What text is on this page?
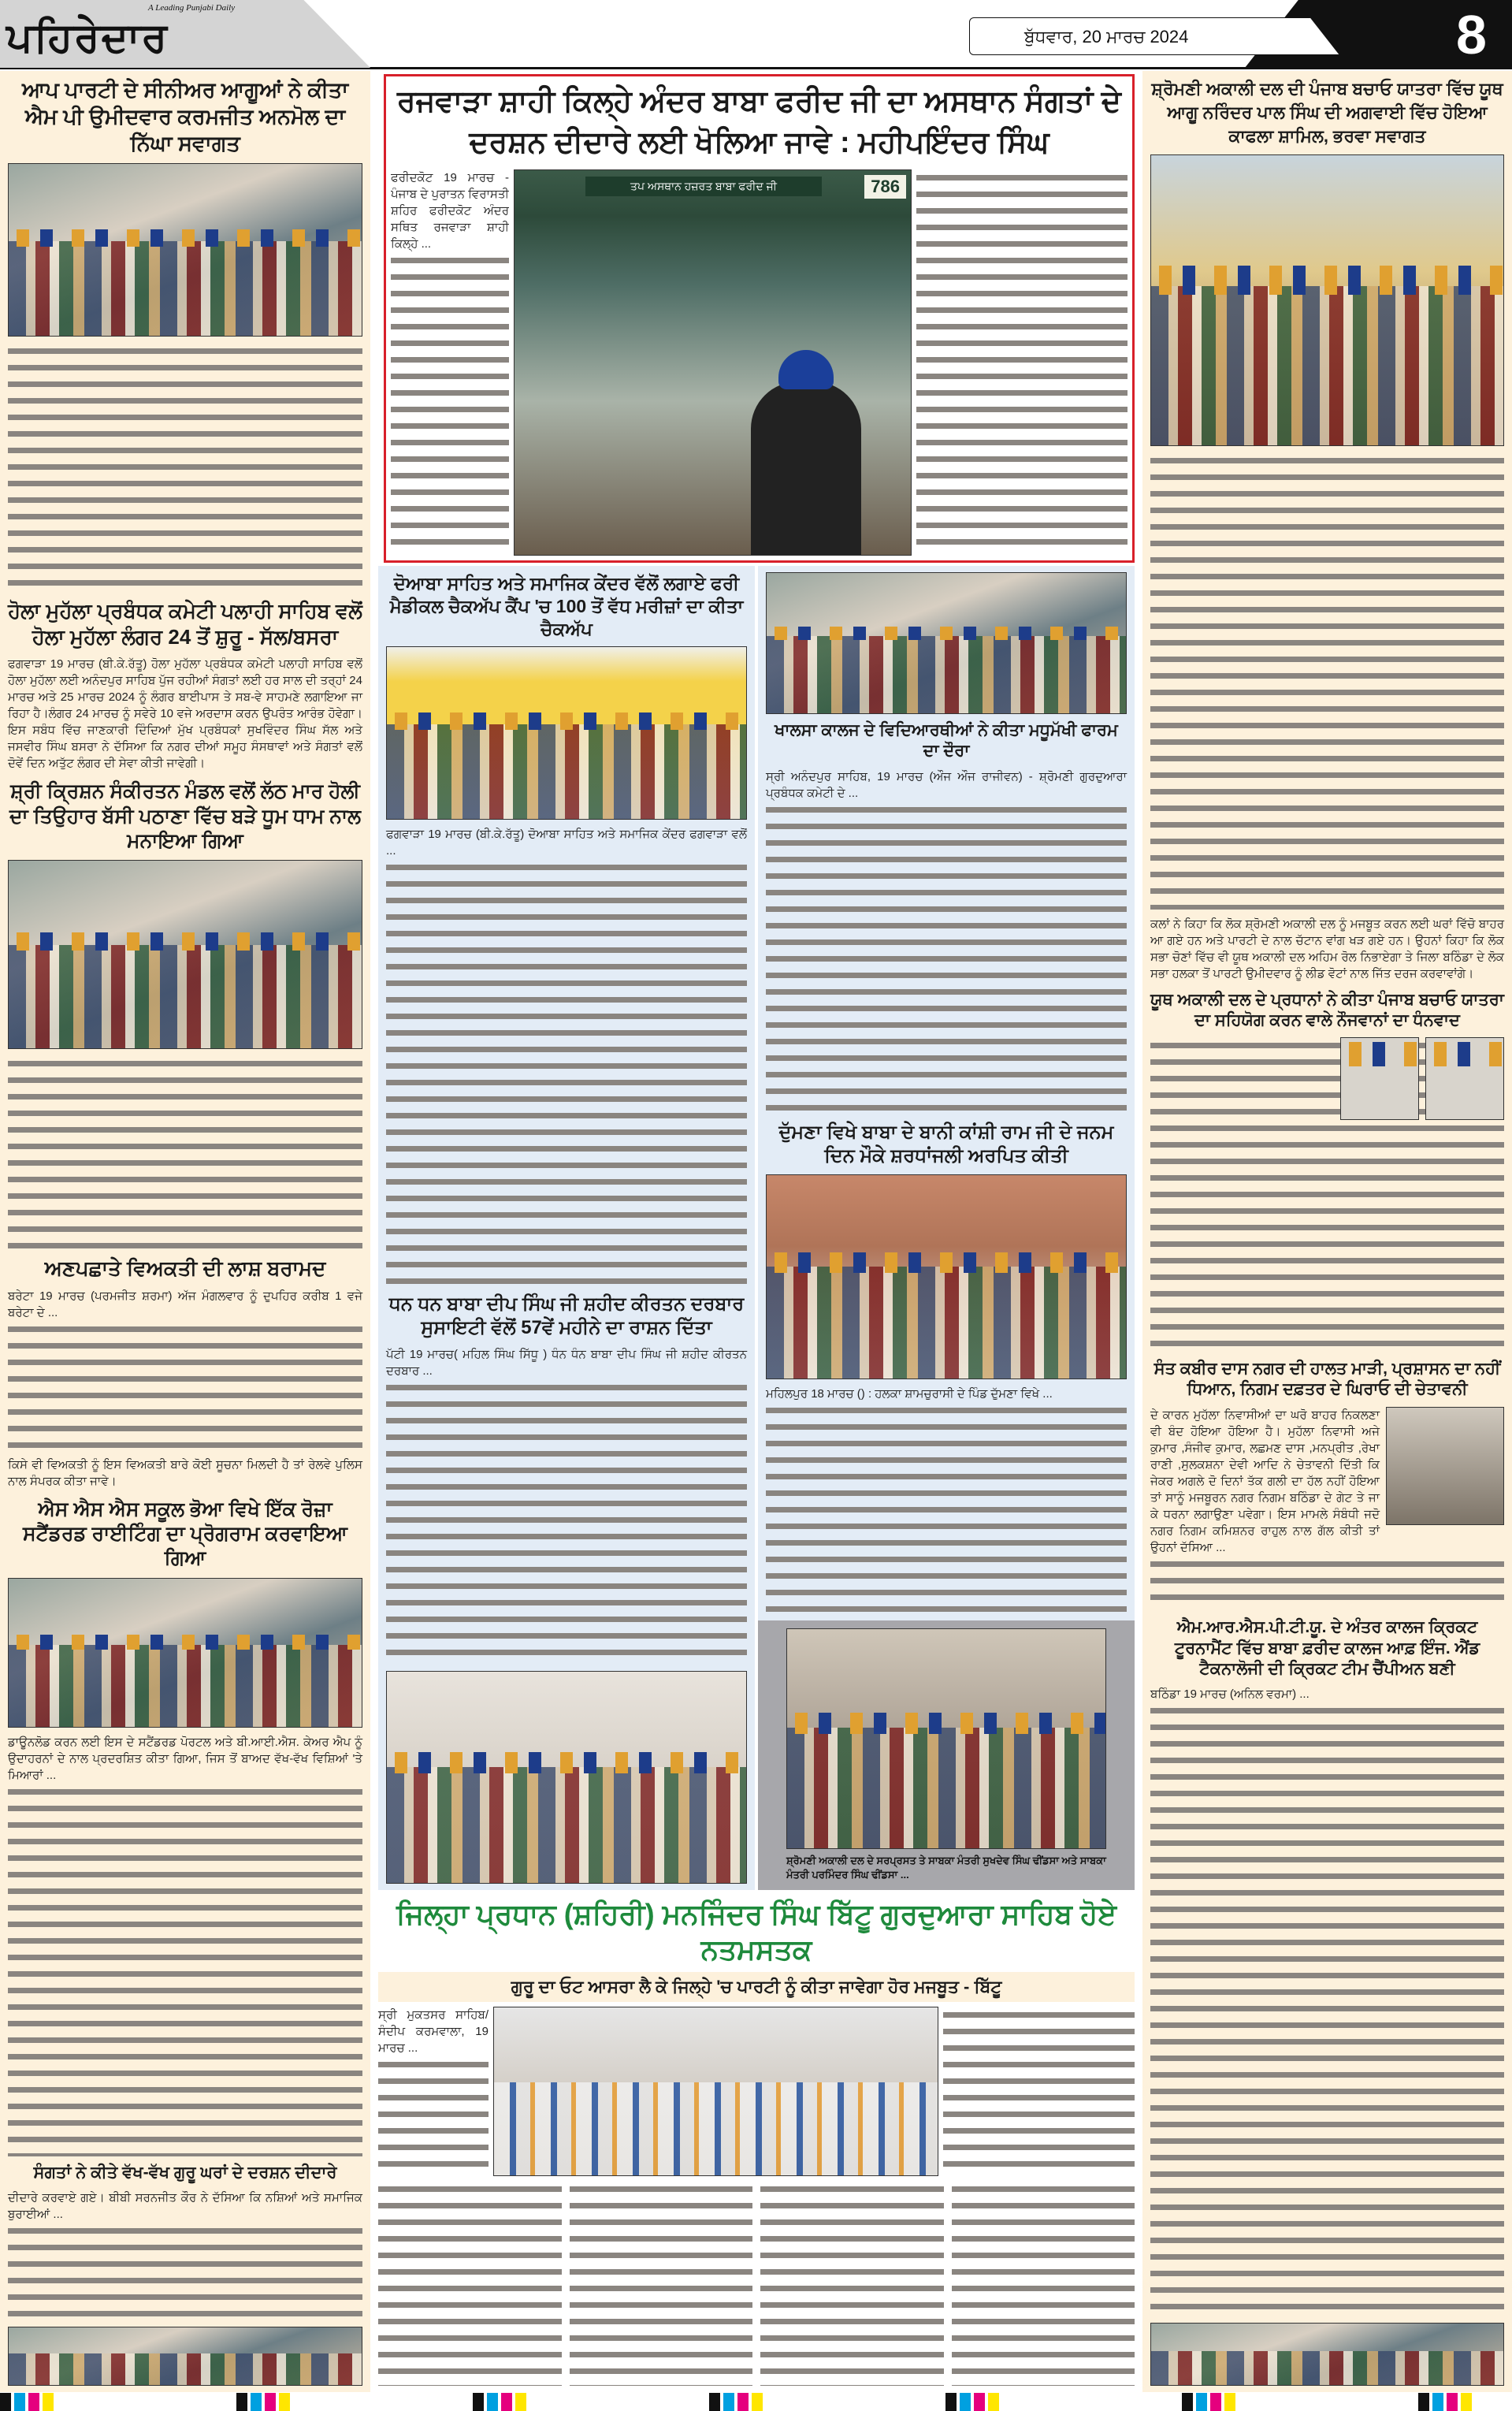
A Leading Punjabi Daily
ਪਹਿਰੇਦਾਰ	ਬੁੱਧਵਾਰ, 20 ਮਾਰਚ 2024	8
ਆਪ ਪਾਰਟੀ ਦੇ ਸੀਨੀਅਰ ਆਗੂਆਂ ਨੇ ਕੀਤਾ ਐਮ ਪੀ ਉਮੀਦਵਾਰ ਕਰਮਜੀਤ ਅਨਮੋਲ ਦਾ ਨਿੱਘਾ ਸਵਾਗਤ
ਹੋਲਾ ਮੁਹੱਲਾ ਪ੍ਰਬੰਧਕ ਕਮੇਟੀ ਪਲਾਹੀ ਸਾਹਿਬ ਵਲੋਂ ਹੋਲਾ ਮੁਹੱਲਾ ਲੰਗਰ 24 ਤੋਂ ਸ਼ੁਰੂ - ਸੱਲ/ਬਸਰਾ

ਫਗਵਾੜਾ 19 ਮਾਰਚ (ਬੀ.ਕੇ.ਰੱਤੂ) ਹੋਲਾ ਮੁਹੱਲਾ ਪ੍ਰਬੰਧਕ ਕਮੇਟੀ ਪਲਾਹੀ ਸਾਹਿਬ ਵਲੋਂ ਹੋਲਾ ਮੁਹੱਲਾ ਲਈ ਅਨੰਦਪੁਰ ਸਾਹਿਬ ਪੁੱਜ ਰਹੀਆਂ ਸੰਗਤਾਂ ਲਈ ਹਰ ਸਾਲ ਦੀ ਤਰ੍ਹਾਂ 24 ਮਾਰਚ ਅਤੇ 25 ਮਾਰਚ 2024 ਨੂੰ ਲੰਗਰ ਬਾਈਪਾਸ ਤੇ ਸਬ-ਵੇ ਸਾਹਮਣੇ ਲਗਾਇਆ ਜਾ ਰਿਹਾ ਹੈ।ਲੰਗਰ 24 ਮਾਰਚ ਨੂੰ ਸਵੇਰੇ 10 ਵਜੇ ਅਰਦਾਸ ਕਰਨ ਉਪਰੰਤ ਆਰੰਭ ਹੋਵੇਗਾ। ਇਸ ਸਬੰਧ ਵਿੱਚ ਜਾਣਕਾਰੀ ਦਿੰਦਿਆਂ ਮੁੱਖ ਪ੍ਰਬੰਧਕਾਂ ਸੁਖਵਿੰਦਰ ਸਿੰਘ ਸੱਲ ਅਤੇ ਜਸਵੀਰ ਸਿੰਘ ਬਸਰਾ ਨੇ ਦੱਸਿਆ ਕਿ ਨਗਰ ਦੀਆਂ ਸਮੂਹ ਸੰਸਥਾਵਾਂ ਅਤੇ ਸੰਗਤਾਂ ਵਲੋਂ ਦੋਵੇਂ ਦਿਨ ਅਤੁੱਟ ਲੰਗਰ ਦੀ ਸੇਵਾ ਕੀਤੀ ਜਾਵੇਗੀ।

ਸ਼੍ਰੀ ਕ੍ਰਿਸ਼ਨ ਸੰਕੀਰਤਨ ਮੰਡਲ ਵਲੋਂ ਲੱਠ ਮਾਰ ਹੋਲੀ ਦਾ ਤਿਉਹਾਰ ਬੱਸੀ ਪਠਾਣਾ ਵਿੱਚ ਬੜੇ ਧੂਮ ਧਾਮ ਨਾਲ ਮਨਾਇਆ ਗਿਆ
ਅਣਪਛਾਤੇ ਵਿਅਕਤੀ ਦੀ ਲਾਸ਼ ਬਰਾਮਦ

ਬਰੇਟਾ 19 ਮਾਰਚ (ਪਰਮਜੀਤ ਸ਼ਰਮਾ) ਅੱਜ ਮੰਗਲਵਾਰ ਨੂੰ ਦੁਪਹਿਰ ਕਰੀਬ 1 ਵਜੇ ਬਰੇਟਾ ਦੇ ...

ਕਿਸੇ ਵੀ ਵਿਅਕਤੀ ਨੂੰ ਇਸ ਵਿਅਕਤੀ ਬਾਰੇ ਕੋਈ ਸੂਚਨਾ ਮਿਲਦੀ ਹੈ ਤਾਂ ਰੇਲਵੇ ਪੁਲਿਸ ਨਾਲ ਸੰਪਰਕ ਕੀਤਾ ਜਾਵੇ।

ਐਸ ਐਸ ਐਸ ਸਕੂਲ ਭੋਆ ਵਿਖੇ ਇੱਕ ਰੋਜ਼ਾ ਸਟੈਂਡਰਡ ਰਾਈਟਿੰਗ ਦਾ ਪ੍ਰੋਗਰਾਮ ਕਰਵਾਇਆ ਗਿਆ

ਡਾਊਨਲੋਡ ਕਰਨ ਲਈ ਇਸ ਦੇ ਸਟੈਂਡਰਡ ਪੋਰਟਲ ਅਤੇ ਬੀ.ਆਈ.ਐਸ. ਕੇਅਰ ਐਪ ਨੂੰ ਉਦਾਹਰਨਾਂ ਦੇ ਨਾਲ ਪ੍ਰਦਰਸ਼ਿਤ ਕੀਤਾ ਗਿਆ, ਜਿਸ ਤੋਂ ਬਾਅਦ ਵੱਖ-ਵੱਖ ਵਿਸ਼ਿਆਂ 'ਤੇ ਮਿਆਰਾਂ ...

ਸੰਗਤਾਂ ਨੇ ਕੀਤੇ ਵੱਖ-ਵੱਖ ਗੁਰੂ ਘਰਾਂ ਦੇ ਦਰਸ਼ਨ ਦੀਦਾਰੇ

ਦੀਦਾਰੇ ਕਰਵਾਏ ਗਏ। ਬੀਬੀ ਸਰਨਜੀਤ ਕੌਰ ਨੇ ਦੱਸਿਆ ਕਿ ਨਸ਼ਿਆਂ ਅਤੇ ਸਮਾਜਿਕ ਬੁਰਾਈਆਂ ...

ਰਜਵਾੜਾ ਸ਼ਾਹੀ ਕਿਲ੍ਹੇ ਅੰਦਰ ਬਾਬਾ ਫਰੀਦ ਜੀ ਦਾ ਅਸਥਾਨ ਸੰਗਤਾਂ ਦੇ ਦਰਸ਼ਨ ਦੀਦਾਰੇ ਲਈ ਖੋਲਿਆ ਜਾਵੇ : ਮਹੀਪਇੰਦਰ ਸਿੰਘ

ਫਰੀਦਕੋਟ 19 ਮਾਰਚ - ਪੰਜਾਬ ਦੇ ਪੁਰਾਤਨ ਵਿਰਾਸਤੀ ਸ਼ਹਿਰ ਫਰੀਦਕੋਟ ਅੰਦਰ ਸਥਿਤ ਰਜਵਾੜਾ ਸ਼ਾਹੀ ਕਿਲ੍ਹੇ ...

ਤਪ ਅਸਥਾਨ ਹਜ਼ਰਤ ਬਾਬਾ ਫਰੀਦ ਜੀ	786
ਦੋਆਬਾ ਸਾਹਿਤ ਅਤੇ ਸਮਾਜਿਕ ਕੇਂਦਰ ਵੱਲੋਂ ਲਗਾਏ ਫਰੀ ਮੈਡੀਕਲ ਚੈਕਅੱਪ ਕੈਂਪ 'ਚ 100 ਤੋਂ ਵੱਧ ਮਰੀਜ਼ਾਂ ਦਾ ਕੀਤਾ ਚੈਕਅੱਪ

ਫਗਵਾੜਾ 19 ਮਾਰਚ (ਬੀ.ਕੇ.ਰੱਤੂ) ਦੋਆਬਾ ਸਾਹਿਤ ਅਤੇ ਸਮਾਜਿਕ ਕੇਂਦਰ ਫਗਵਾੜਾ ਵਲੋਂ ...

ਧਨ ਧਨ ਬਾਬਾ ਦੀਪ ਸਿੰਘ ਜੀ ਸ਼ਹੀਦ ਕੀਰਤਨ ਦਰਬਾਰ ਸੁਸਾਇਟੀ ਵੱਲੋਂ 57ਵੇਂ ਮਹੀਨੇ ਦਾ ਰਾਸ਼ਨ ਦਿੱਤਾ

ਪੱਟੀ 19 ਮਾਰਚ( ਮਹਿਲ ਸਿੰਘ ਸਿੱਧੂ ) ਧੰਨ ਧੰਨ ਬਾਬਾ ਦੀਪ ਸਿੰਘ ਜੀ ਸ਼ਹੀਦ ਕੀਰਤਨ ਦਰਬਾਰ ...

ਖਾਲਸਾ ਕਾਲਜ ਦੇ ਵਿਦਿਆਰਥੀਆਂ ਨੇ ਕੀਤਾ ਮਧੂਮੱਖੀ ਫਾਰਮ ਦਾ ਦੌਰਾ

ਸ੍ਰੀ ਅਨੰਦਪੁਰ ਸਾਹਿਬ, 19 ਮਾਰਚ (ਔਜ ਔਜ ਰਾਜੀਵਨ) - ਸ਼੍ਰੋਮਣੀ ਗੁਰਦੁਆਰਾ ਪ੍ਰਬੰਧਕ ਕਮੇਟੀ ਦੇ ...

ਦੁੱਮਣਾ ਵਿਖੇ ਬਾਬਾ ਦੇ ਬਾਨੀ ਕਾਂਸ਼ੀ ਰਾਮ ਜੀ ਦੇ ਜਨਮ ਦਿਨ ਮੌਕੇ ਸ਼ਰਧਾਂਜਲੀ ਅਰਪਿਤ ਕੀਤੀ

ਮਹਿਲਪੁਰ 18 ਮਾਰਚ () : ਹਲਕਾ ਸ਼ਾਮਚੁਰਾਸੀ ਦੇ ਪਿੰਡ ਦੁੱਮਣਾ ਵਿਖੇ ...

ਸ਼੍ਰੋਮਣੀ ਅਕਾਲੀ ਦਲ ਦੇ ਸਰਪ੍ਰਸਤ ਤੇ ਸਾਬਕਾ ਮੰਤਰੀ ਸੁਖਦੇਵ ਸਿੰਘ ਢੀਂਡਸਾ ਅਤੇ ਸਾਬਕਾ ਮੰਤਰੀ ਪਰਮਿੰਦਰ ਸਿੰਘ ਢੀਂਡਸਾ ...
ਜਿਲ੍ਹਾ ਪ੍ਰਧਾਨ (ਸ਼ਹਿਰੀ) ਮਨਜਿੰਦਰ ਸਿੰਘ ਬਿੱਟੂ ਗੁਰਦੁਆਰਾ ਸਾਹਿਬ ਹੋਏ ਨਤਮਸਤਕ
ਗੁਰੂ ਦਾ ਓਟ ਆਸਰਾ ਲੈ ਕੇ ਜਿਲ੍ਹੇ 'ਚ ਪਾਰਟੀ ਨੂੰ ਕੀਤਾ ਜਾਵੇਗਾ ਹੋਰ ਮਜਬੂਤ - ਬਿੱਟੂ

ਸ੍ਰੀ ਮੁਕਤਸਰ ਸਾਹਿਬ/ਸੰਦੀਪ ਕਰਮਵਾਲਾ, 19 ਮਾਰਚ ...

ਸ਼੍ਰੋਮਣੀ ਅਕਾਲੀ ਦਲ ਦੀ ਪੰਜਾਬ ਬਚਾਓ ਯਾਤਰਾ ਵਿੱਚ ਯੂਥ ਆਗੂ ਨਰਿੰਦਰ ਪਾਲ ਸਿੰਘ ਦੀ ਅਗਵਾਈ ਵਿੱਚ ਹੋਇਆ ਕਾਫਲਾ ਸ਼ਾਮਿਲ, ਭਰਵਾ ਸਵਾਗਤ

ਕਲਾਂ ਨੇ ਕਿਹਾ ਕਿ ਲੋਕ ਸ਼੍ਰੋਮਣੀ ਅਕਾਲੀ ਦਲ ਨੂੰ ਮਜਬੂਤ ਕਰਨ ਲਈ ਘਰਾਂ ਵਿੱਚੋ ਬਾਹਰ ਆ ਗਏ ਹਨ ਅਤੇ ਪਾਰਟੀ ਦੇ ਨਾਲ ਚੱਟਾਨ ਵਾਂਗ ਖੜ ਗਏ ਹਨ। ਉਹਨਾਂ ਕਿਹਾ ਕਿ ਲੋਕ ਸਭਾ ਚੋਣਾਂ ਵਿੱਚ ਵੀ ਯੂਥ ਅਕਾਲੀ ਦਲ ਅਹਿਮ ਰੋਲ ਨਿਭਾਏਗਾ ਤੇ ਜਿਲਾ ਬਠਿੰਡਾ ਦੇ ਲੋਕ ਸਭਾ ਹਲਕਾ ਤੋਂ ਪਾਰਟੀ ਉਮੀਦਵਾਰ ਨੂੰ ਲੀਡ ਵੋਟਾਂ ਨਾਲ ਜਿੱਤ ਦਰਜ ਕਰਵਾਵਾਂਗੇ।

ਯੂਥ ਅਕਾਲੀ ਦਲ ਦੇ ਪ੍ਰਧਾਨਾਂ ਨੇ ਕੀਤਾ ਪੰਜਾਬ ਬਚਾਓ ਯਾਤਰਾ ਦਾ ਸਹਿਯੋਗ ਕਰਨ ਵਾਲੇ ਨੌਜਵਾਨਾਂ ਦਾ ਧੰਨਵਾਦ
ਸੰਤ ਕਬੀਰ ਦਾਸ ਨਗਰ ਦੀ ਹਾਲਤ ਮਾੜੀ, ਪ੍ਰਸ਼ਾਸਨ ਦਾ ਨਹੀਂ ਧਿਆਨ, ਨਿਗਮ ਦਫ਼ਤਰ ਦੇ ਘਿਰਾਓ ਦੀ ਚੇਤਾਵਨੀ

ਦੇ ਕਾਰਨ ਮੁਹੱਲਾ ਨਿਵਾਸੀਆਂ ਦਾ ਘਰੋ ਬਾਹਰ ਨਿਕਲਣਾ ਵੀ ਬੰਦ ਹੋਇਆ ਹੋਇਆ ਹੈ। ਮੁਹੱਲਾ ਨਿਵਾਸੀ ਅਜੇ ਕੁਮਾਰ ,ਸੰਜੀਵ ਕੁਮਾਰ, ਲਛਮਣ ਦਾਸ ,ਮਨਪ੍ਰੀਤ ,ਰੇਖਾ ਰਾਣੀ ,ਸੁਲਕਸ਼ਨਾ ਦੇਵੀ ਆਦਿ ਨੇ ਚੇਤਾਵਨੀ ਦਿੱਤੀ ਕਿ ਜੇਕਰ ਅਗਲੇ ਦੋ ਦਿਨਾਂ ਤੱਕ ਗਲੀ ਦਾ ਹੱਲ ਨਹੀਂ ਹੋਇਆ ਤਾਂ ਸਾਨੂੰ ਮਜਬੂਰਨ ਨਗਰ ਨਿਗਮ ਬਠਿੰਡਾ ਦੇ ਗੇਟ ਤੇ ਜਾ ਕੇ ਧਰਨਾ ਲਗਾਉਣਾ ਪਵੇਗਾ। ਇਸ ਮਾਮਲੇ ਸੰਬੰਧੀ ਜਦੋ ਨਗਰ ਨਿਗਮ ਕਮਿਸ਼ਨਰ ਰਾਹੁਲ ਨਾਲ ਗੱਲ ਕੀਤੀ ਤਾਂ ਉਹਨਾਂ ਦੱਸਿਆ ...

ਐਮ.ਆਰ.ਐਸ.ਪੀ.ਟੀ.ਯੂ. ਦੇ ਅੰਤਰ ਕਾਲਜ ਕ੍ਰਿਕਟ ਟੂਰਨਾਮੈਂਟ ਵਿੱਚ ਬਾਬਾ ਫ਼ਰੀਦ ਕਾਲਜ ਆਫ਼ ਇੰਜ. ਐਂਡ ਟੈਕਨਾਲੋਜੀ ਦੀ ਕ੍ਰਿਕਟ ਟੀਮ ਚੈਂਪੀਅਨ ਬਣੀ

ਬਠਿੰਡਾ 19 ਮਾਰਚ (ਅਨਿਲ ਵਰਮਾ) ...
